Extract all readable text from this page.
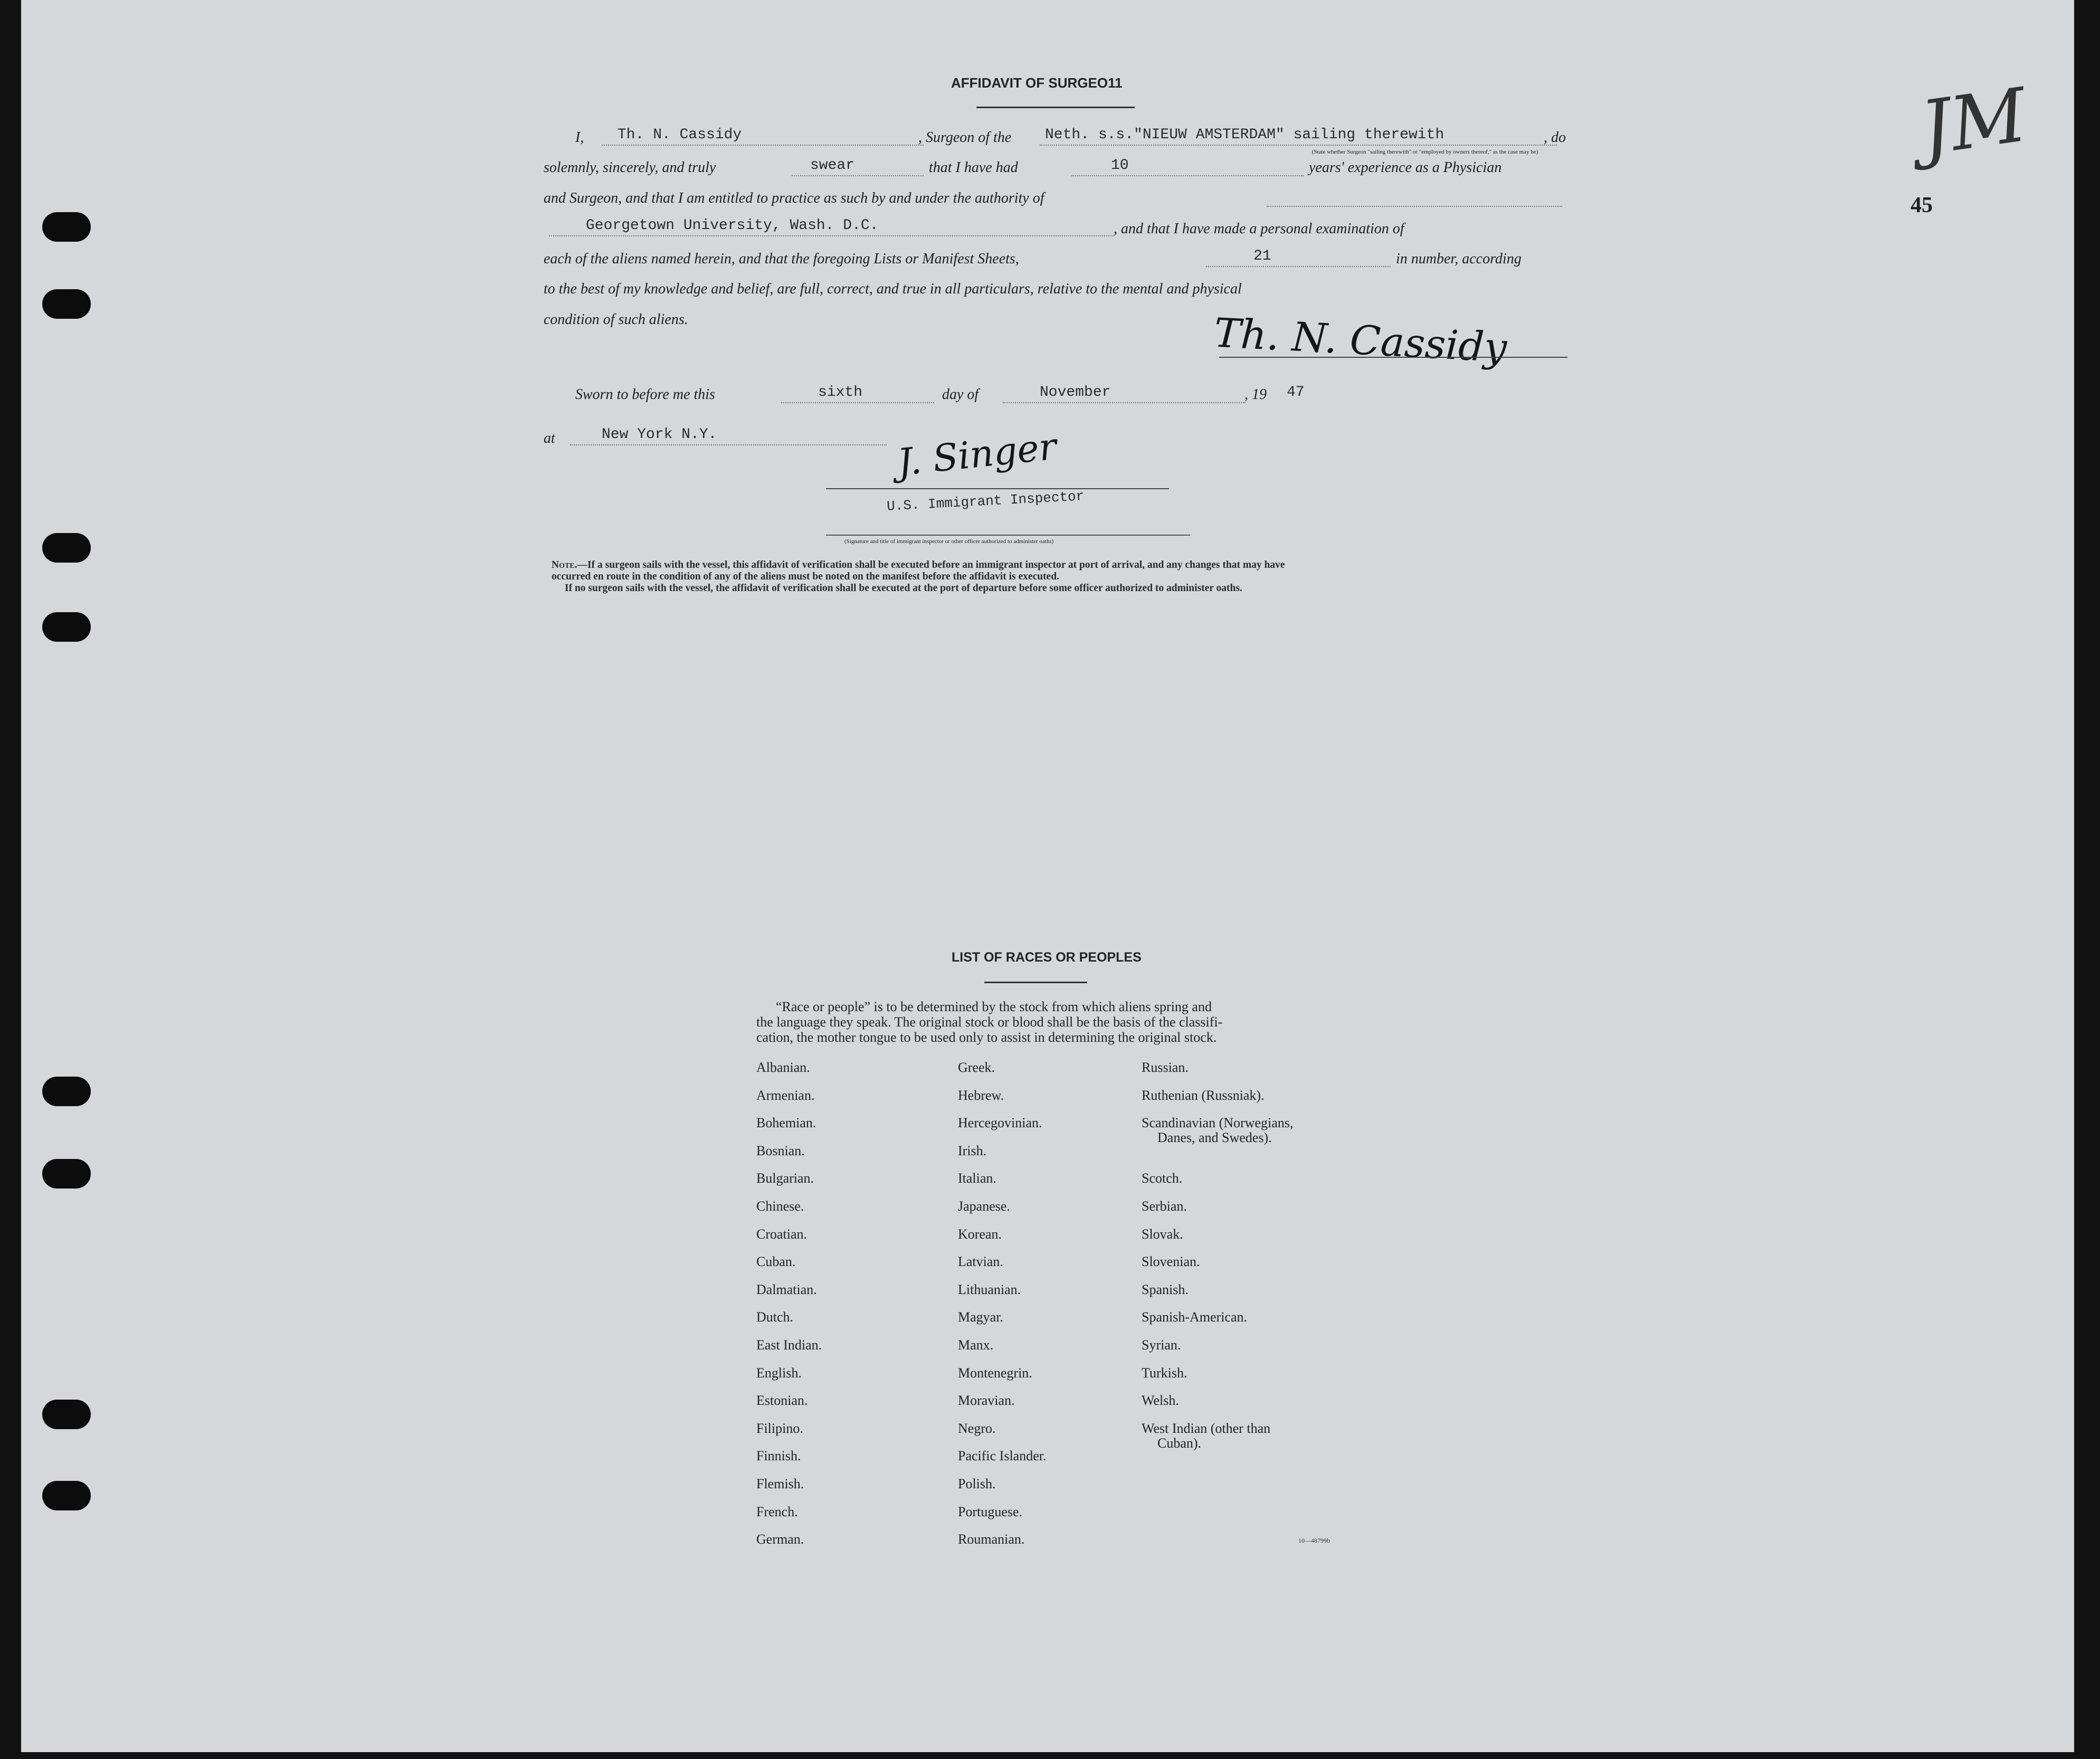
JM
45
AFFIDAVIT OF SURGEO11
I, Th. N. Cassidy	, Surgeon of the Neth. s.s."NIEUW AMSTERDAM" sailing therewith	, do
(State whether Surgeon "sailing therewith" or "employed by owners thereof," as the case may be)
solemnly, sincerely, and truly	swear	that I have had	10	years' experience as a Physician
and Surgeon, and that I am entitled to practice as such by and under the authority of
Georgetown University, Wash. D.C.	, and that I have made a personal examination of
each of the aliens named herein, and that the foregoing Lists or Manifest Sheets,	21	in number, according
to the best of my knowledge and belief, are full, correct, and true in all particulars, relative to the mental and physical
condition of such aliens.	Th. N. Cassidy
Sworn to before me this	sixth	day of	November	, 19 47
at	New York N.Y.	J. Singer
U.S. Immigrant Inspector
(Signature and title of immigrant inspector or other officer authorized to administer oaths)
Note.—If a surgeon sails with the vessel, this affidavit of verification shall be executed before an immigrant inspector at port of arrival, and any changes that may have
occurred en route in the condition of any of the aliens must be noted on the manifest before the affidavit is executed.
If no surgeon sails with the vessel, the affidavit of verification shall be executed at the port of departure before some officer authorized to administer oaths.
LIST OF RACES OR PEOPLES
“Race or people” is to be determined by the stock from which aliens spring and
the language they speak. The original stock or blood shall be the basis of the classifi-
cation, the mother tongue to be used only to assist in determining the original stock.
Albanian.
Armenian.
Bohemian.
Bosnian.
Bulgarian.
Chinese.
Croatian.
Cuban.
Dalmatian.
Dutch.
East Indian.
English.
Estonian.
Filipino.
Finnish.
Flemish.
French.
German.
Greek.
Hebrew.
Hercegovinian.
Irish.
Italian.
Japanese.
Korean.
Latvian.
Lithuanian.
Magyar.
Manx.
Montenegrin.
Moravian.
Negro.
Pacific Islander.
Polish.
Portuguese.
Roumanian.
Russian.
Ruthenian (Russniak).
Scandinavian (Norwegians,
Danes, and Swedes).
Scotch.
Serbian.
Slovak.
Slovenian.
Spanish.
Spanish-American.
Syrian.
Turkish.
Welsh.
West Indian (other than
Cuban).
10—48799b
